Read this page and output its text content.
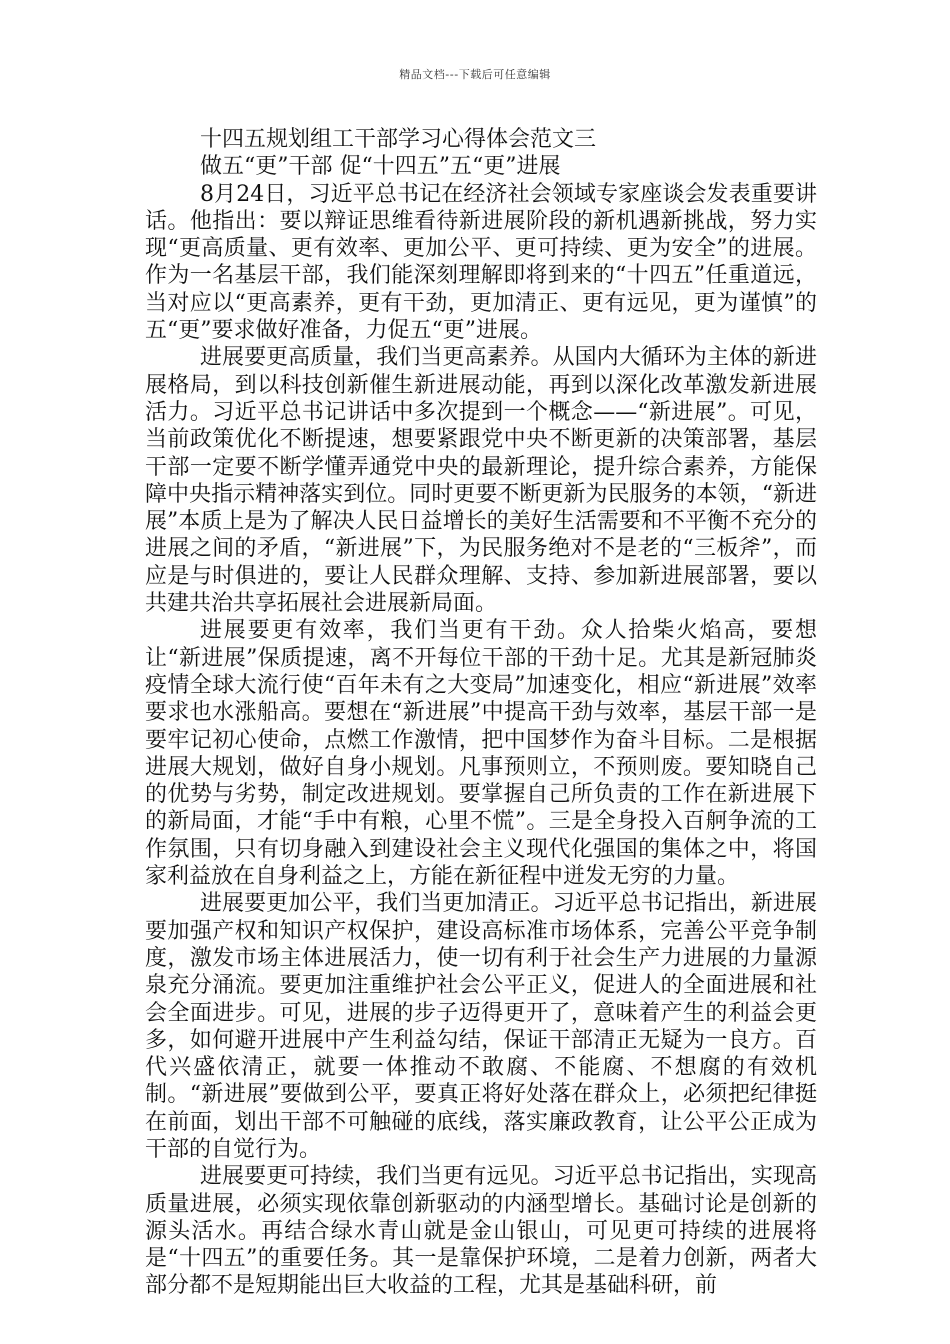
精品文档---下载后可任意编辑
十四五规划组工干部学习心得体会范文三
做五“更”干部 促“十四五”五“更”进展

8月24日，习近平总书记在经济社会领域专家座谈会发表重要讲话。他指出：要以辩证思维看待新进展阶段的新机遇新挑战，努力实现“更高质量、更有效率、更加公平、更可持续、更为安全”的进展。作为一名基层干部，我们能深刻理解即将到来的“十四五”任重道远，当对应以“更高素养，更有干劲，更加清正、更有远见，更为谨慎”的五“更”要求做好准备，力促五“更”进展。

进展要更高质量，我们当更高素养。从国内大循环为主体的新进展格局，到以科技创新催生新进展动能，再到以深化改革激发新进展活力。习近平总书记讲话中多次提到一个概念——“新进展”。可见，当前政策优化不断提速，想要紧跟党中央不断更新的决策部署，基层干部一定要不断学懂弄通党中央的最新理论，提升综合素养，方能保障中央指示精神落实到位。同时更要不断更新为民服务的本领，“新进展”本质上是为了解决人民日益增长的美好生活需要和不平衡不充分的进展之间的矛盾，“新进展”下，为民服务绝对不是老的“三板斧”，而应是与时俱进的，要让人民群众理解、支持、参加新进展部署，要以共建共治共享拓展社会进展新局面。

进展要更有效率，我们当更有干劲。众人拾柴火焰高，要想让“新进展”保质提速，离不开每位干部的干劲十足。尤其是新冠肺炎疫情全球大流行使“百年未有之大变局”加速变化，相应“新进展”效率要求也水涨船高。要想在“新进展”中提高干劲与效率，基层干部一是要牢记初心使命，点燃工作激情，把中国梦作为奋斗目标。二是根据进展大规划，做好自身小规划。凡事预则立，不预则废。要知晓自己的优势与劣势，制定改进规划。要掌握自己所负责的工作在新进展下的新局面，才能“手中有粮，心里不慌”。三是全身投入百舸争流的工作氛围，只有切身融入到建设社会主义现代化强国的集体之中，将国家利益放在自身利益之上，方能在新征程中迸发无穷的力量。

进展要更加公平，我们当更加清正。习近平总书记指出，新进展要加强产权和知识产权保护，建设高标准市场体系，完善公平竞争制度，激发市场主体进展活力，使一切有利于社会生产力进展的力量源泉充分涌流。要更加注重维护社会公平正义，促进人的全面进展和社会全面进步。可见，进展的步子迈得更开了，意味着产生的利益会更多，如何避开进展中产生利益勾结，保证干部清正无疑为一良方。百代兴盛依清正，就要一体推动不敢腐、不能腐、不想腐的有效机制。“新进展”要做到公平，要真正将好处落在群众上，必须把纪律挺在前面，划出干部不可触碰的底线，落实廉政教育，让公平公正成为干部的自觉行为。

进展要更可持续，我们当更有远见。习近平总书记指出，实现高质量进展，必须实现依靠创新驱动的内涵型增长。基础讨论是创新的源头活水。再结合绿水青山就是金山银山，可见更可持续的进展将是“十四五”的重要任务。其一是靠保护环境，二是着力创新，两者大部分都不是短期能出巨大收益的工程，尤其是基础科研，前
